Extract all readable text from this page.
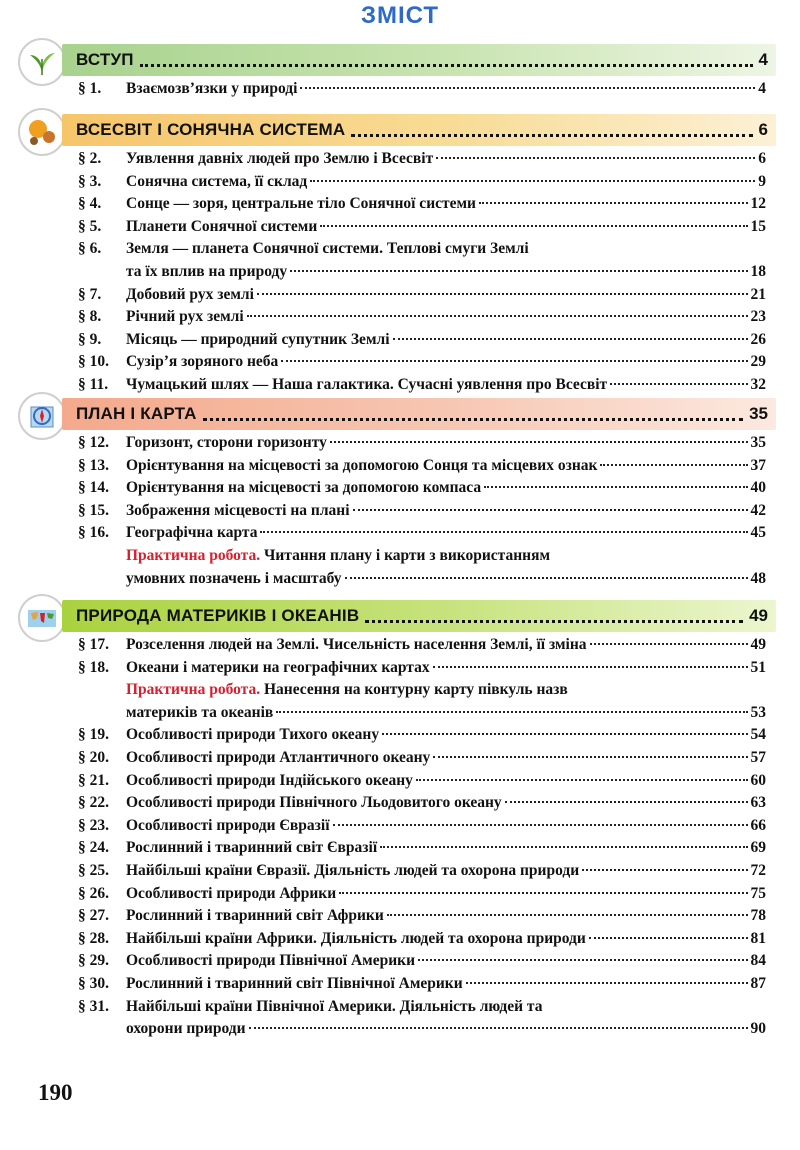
ЗМІСТ
ВСТУП	4
§ 1.	Взаємозв’язки у природі	4
ВСЕСВІТ І СОНЯЧНА СИСТЕМА	6
§ 2.	Уявлення давніх людей про Землю і Всесвіт	6
§ 3.	Сонячна система, її склад	9
§ 4.	Сонце — зоря, центральне тіло Сонячної системи	12
§ 5.	Планети Сонячної системи	15
§ 6.	Земля — планета Сонячної системи. Теплові смуги Землі
та їх вплив на природу	18
§ 7.	Добовий рух землі	21
§ 8.	Річний рух землі	23
§ 9.	Місяць — природний супутник Землі	26
§ 10.	Сузір’я зоряного неба	29
§ 11.	Чумацький шлях — Наша галактика. Сучасні уявлення про Всесвіт	32
ПЛАН І КАРТА	35
§ 12.	Горизонт, сторони горизонту	35
§ 13.	Орієнтування на місцевості за допомогою Сонця та місцевих ознак	37
§ 14.	Орієнтування на місцевості за допомогою компаса	40
§ 15.	Зображення місцевості на плані	42
§ 16.	Географічна карта	45
Практична робота.
Читання плану і карти з використанням
умовних позначень і масштабу	48
ПРИРОДА МАТЕРИКІВ І ОКЕАНІВ	49
§ 17.	Розселення людей на Землі. Чисельність населення Землі, її зміна	49
§ 18.	Океани і материки на географічних картах	51
Практична робота.
Нанесення на контурну карту півкуль назв
материків та океанів	53
§ 19.	Особливості природи Тихого океану	54
§ 20.	Особливості природи Атлантичного океану	57
§ 21.	Особливості природи Індійського океану	60
§ 22.	Особливості природи Північного Льодовитого океану	63
§ 23.	Особливості природи Євразії	66
§ 24.	Рослинний і тваринний світ Євразії	69
§ 25.	Найбільші країни Євразії. Діяльність людей та охорона природи	72
§ 26.	Особливості природи Африки	75
§ 27.	Рослинний і тваринний світ Африки	78
§ 28.	Найбільші країни Африки. Діяльність людей та охорона природи	81
§ 29.	Особливості природи Північної Америки	84
§ 30.	Рослинний і тваринний світ Північної Америки	87
§ 31.	Найбільші країни Північної Америки. Діяльність людей та
охорони природи	90
190
